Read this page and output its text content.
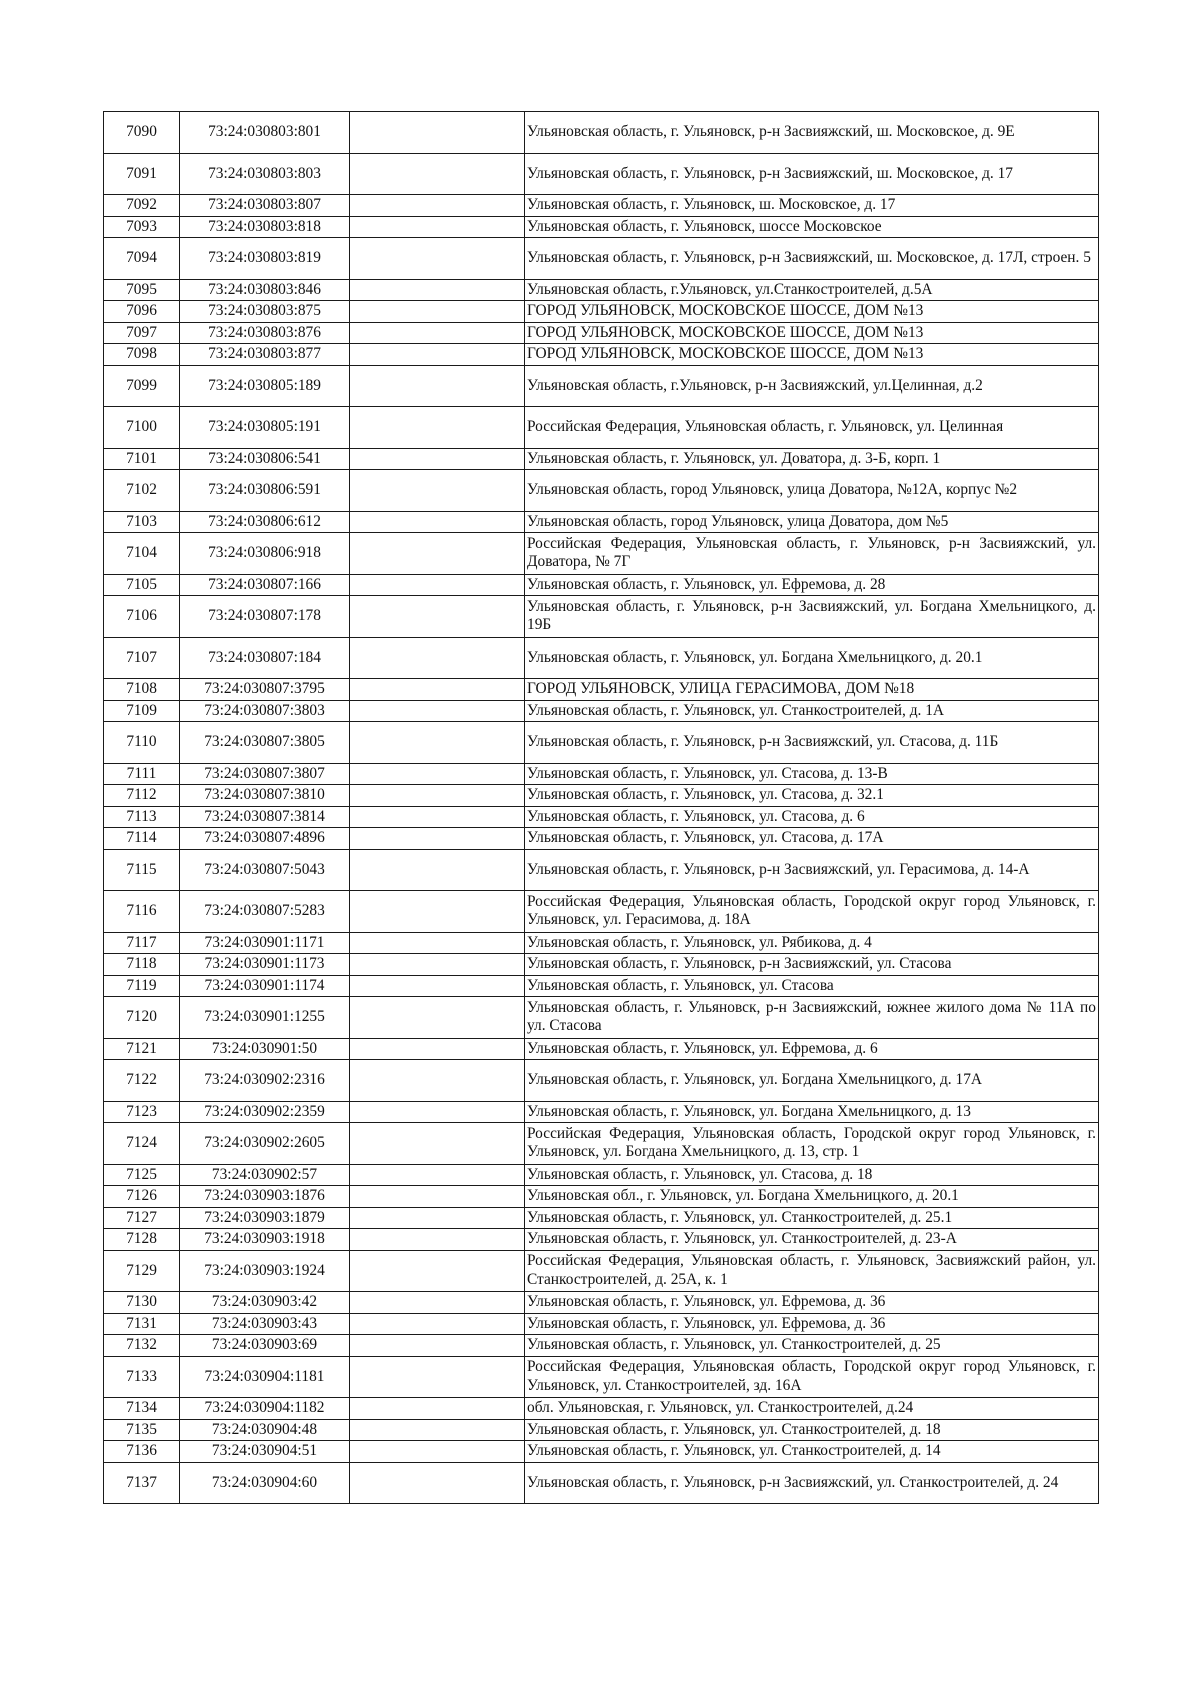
7090	73:24:030803:801		Ульяновская область, г. Ульяновск, р-н Засвияжский, ш. Московское, д. 9Е
7091	73:24:030803:803		Ульяновская область, г. Ульяновск, р-н Засвияжский, ш. Московское, д. 17
7092	73:24:030803:807		Ульяновская область, г. Ульяновск, ш. Московское, д. 17
7093	73:24:030803:818		Ульяновская область, г. Ульяновск, шоссе Московское
7094	73:24:030803:819		Ульяновская область, г. Ульяновск, р-н Засвияжский, ш. Московское, д. 17Л, строен. 5
7095	73:24:030803:846		Ульяновская область, г.Ульяновск, ул.Станкостроителей, д.5А
7096	73:24:030803:875		ГОРОД УЛЬЯНОВСК, МОСКОВСКОЕ ШОССЕ, ДОМ №13
7097	73:24:030803:876		ГОРОД УЛЬЯНОВСК, МОСКОВСКОЕ ШОССЕ, ДОМ №13
7098	73:24:030803:877		ГОРОД УЛЬЯНОВСК, МОСКОВСКОЕ ШОССЕ, ДОМ №13
7099	73:24:030805:189		Ульяновская область, г.Ульяновск, р-н Засвияжский, ул.Целинная, д.2
7100	73:24:030805:191		Российская Федерация, Ульяновская область, г. Ульяновск, ул. Целинная
7101	73:24:030806:541		Ульяновская область, г. Ульяновск, ул. Доватора, д. 3-Б, корп. 1
7102	73:24:030806:591		Ульяновская область, город Ульяновск, улица Доватора, №12А, корпус №2
7103	73:24:030806:612		Ульяновская область, город Ульяновск, улица Доватора, дом №5
7104	73:24:030806:918		Российская Федерация, Ульяновская область, г. Ульяновск, р-н Засвияжский, ул. Доватора, № 7Г
7105	73:24:030807:166		Ульяновская область, г. Ульяновск, ул. Ефремова, д. 28
7106	73:24:030807:178		Ульяновская область, г. Ульяновск, р-н Засвияжский, ул. Богдана Хмельницкого, д. 19Б
7107	73:24:030807:184		Ульяновская область, г. Ульяновск, ул. Богдана Хмельницкого, д. 20.1
7108	73:24:030807:3795		ГОРОД УЛЬЯНОВСК, УЛИЦА ГЕРАСИМОВА, ДОМ №18
7109	73:24:030807:3803		Ульяновская область, г. Ульяновск, ул. Станкостроителей, д. 1А
7110	73:24:030807:3805		Ульяновская область, г. Ульяновск, р-н Засвияжский, ул. Стасова, д. 11Б
7111	73:24:030807:3807		Ульяновская область, г. Ульяновск, ул. Стасова, д. 13-В
7112	73:24:030807:3810		Ульяновская область, г. Ульяновск, ул. Стасова, д. 32.1
7113	73:24:030807:3814		Ульяновская область, г. Ульяновск, ул. Стасова, д. 6
7114	73:24:030807:4896		Ульяновская область, г. Ульяновск, ул. Стасова, д. 17А
7115	73:24:030807:5043		Ульяновская область, г. Ульяновск, р-н Засвияжский, ул. Герасимова, д. 14-А
7116	73:24:030807:5283		Российская Федерация, Ульяновская область, Городской округ город Ульяновск, г. Ульяновск, ул. Герасимова, д. 18А
7117	73:24:030901:1171		Ульяновская область, г. Ульяновск, ул. Рябикова, д. 4
7118	73:24:030901:1173		Ульяновская область, г. Ульяновск, р-н Засвияжский, ул. Стасова
7119	73:24:030901:1174		Ульяновская область, г. Ульяновск, ул. Стасова
7120	73:24:030901:1255		Ульяновская область, г. Ульяновск, р-н Засвияжский, южнее жилого дома № 11А по ул. Стасова
7121	73:24:030901:50		Ульяновская область, г. Ульяновск, ул. Ефремова, д. 6
7122	73:24:030902:2316		Ульяновская область, г. Ульяновск, ул. Богдана Хмельницкого, д. 17А
7123	73:24:030902:2359		Ульяновская область, г. Ульяновск, ул. Богдана Хмельницкого, д. 13
7124	73:24:030902:2605		Российская Федерация, Ульяновская область, Городской округ город Ульяновск, г. Ульяновск, ул. Богдана Хмельницкого, д. 13, стр. 1
7125	73:24:030902:57		Ульяновская область, г. Ульяновск, ул. Стасова, д. 18
7126	73:24:030903:1876		Ульяновская обл., г. Ульяновск, ул. Богдана Хмельницкого, д. 20.1
7127	73:24:030903:1879		Ульяновская область, г. Ульяновск, ул. Станкостроителей, д. 25.1
7128	73:24:030903:1918		Ульяновская область, г. Ульяновск, ул. Станкостроителей, д. 23-А
7129	73:24:030903:1924		Российская Федерация, Ульяновская область, г. Ульяновск, Засвияжский район, ул. Станкостроителей, д. 25А, к. 1
7130	73:24:030903:42		Ульяновская область, г. Ульяновск, ул. Ефремова, д. 36
7131	73:24:030903:43		Ульяновская область, г. Ульяновск, ул. Ефремова, д. 36
7132	73:24:030903:69		Ульяновская область, г. Ульяновск, ул. Станкостроителей, д. 25
7133	73:24:030904:1181		Российская Федерация, Ульяновская область, Городской округ город Ульяновск, г. Ульяновск, ул. Станкостроителей, зд. 16А
7134	73:24:030904:1182		обл. Ульяновская, г. Ульяновск, ул. Станкостроителей, д.24
7135	73:24:030904:48		Ульяновская область, г. Ульяновск, ул. Станкостроителей, д. 18
7136	73:24:030904:51		Ульяновская область, г. Ульяновск, ул. Станкостроителей, д. 14
7137	73:24:030904:60		Ульяновская область, г. Ульяновск, р-н Засвияжский, ул. Станкостроителей, д. 24
